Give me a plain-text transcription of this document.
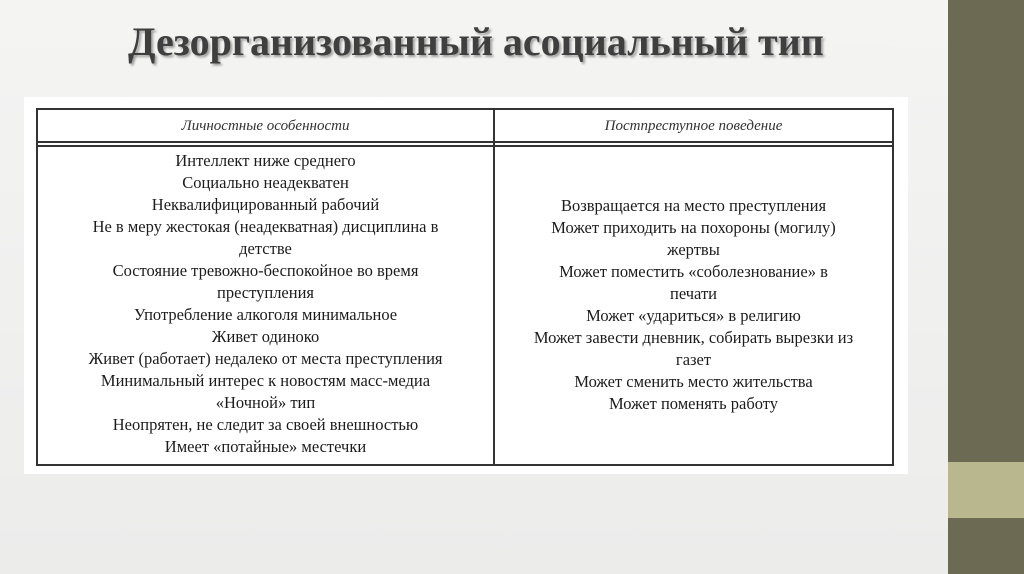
Дезорганизованный асоциальный тип
Личностные особенности	Постпреступное поведение
Интеллект ниже среднего
Социально неадекватен
Неквалифицированный рабочий
Не в меру жестокая (неадекватная) дисциплина в
детстве
Состояние тревожно-беспокойное во время
преступления
Употребление алкоголя минимальное
Живет одиноко
Живет (работает) недалеко от места преступления
Минимальный интерес к новостям масс-медиа
«Ночной» тип
Неопрятен, не следит за своей внешностью
Имеет «потайные» местечки
Возвращается на место преступления
Может приходить на похороны (могилу)
жертвы
Может поместить «соболезнование» в
печати
Может «удариться» в религию
Может завести дневник, собирать вырезки из
газет
Может сменить место жительства
Может поменять работу
